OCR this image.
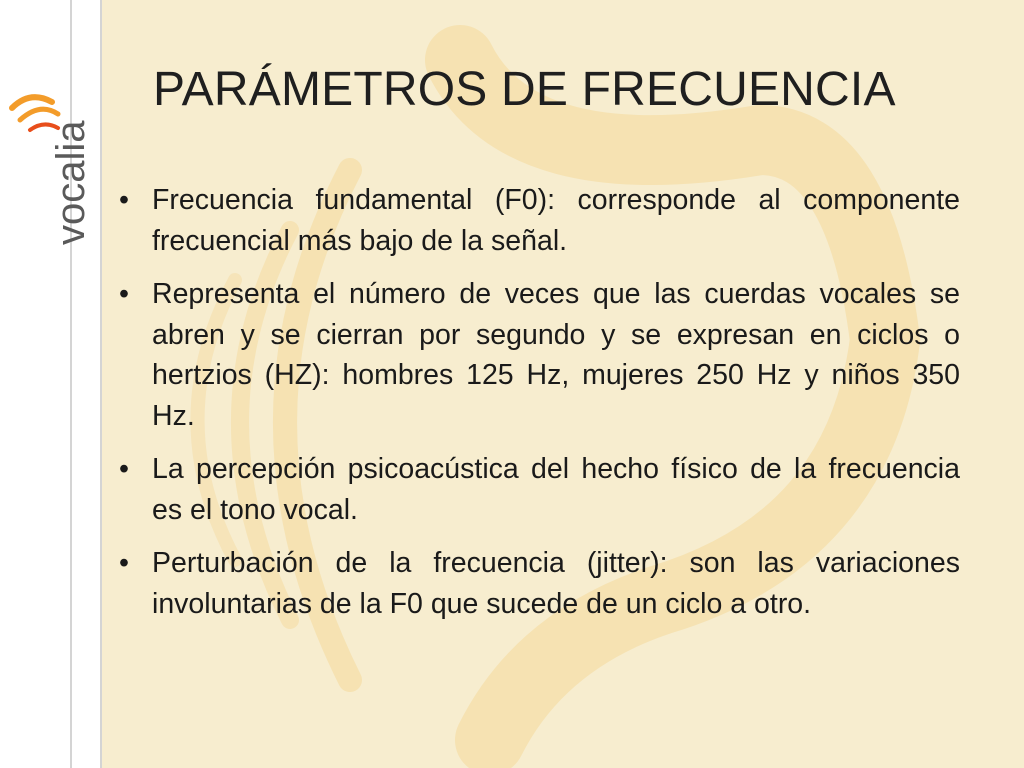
vocalia
PARÁMETROS DE FRECUENCIA
• Frecuencia fundamental (F0): corresponde al componente frecuencial más bajo de la señal.
• Representa el número de veces que las cuerdas vocales se abren y se cierran por segundo y se expresan en ciclos o hertzios (HZ): hombres 125 Hz, mujeres 250 Hz y niños 350 Hz.
• La percepción psicoacústica del hecho físico de la frecuencia es el tono vocal.
• Perturbación de la frecuencia (jitter): son las variaciones involuntarias de la F0 que sucede de un ciclo a otro.
